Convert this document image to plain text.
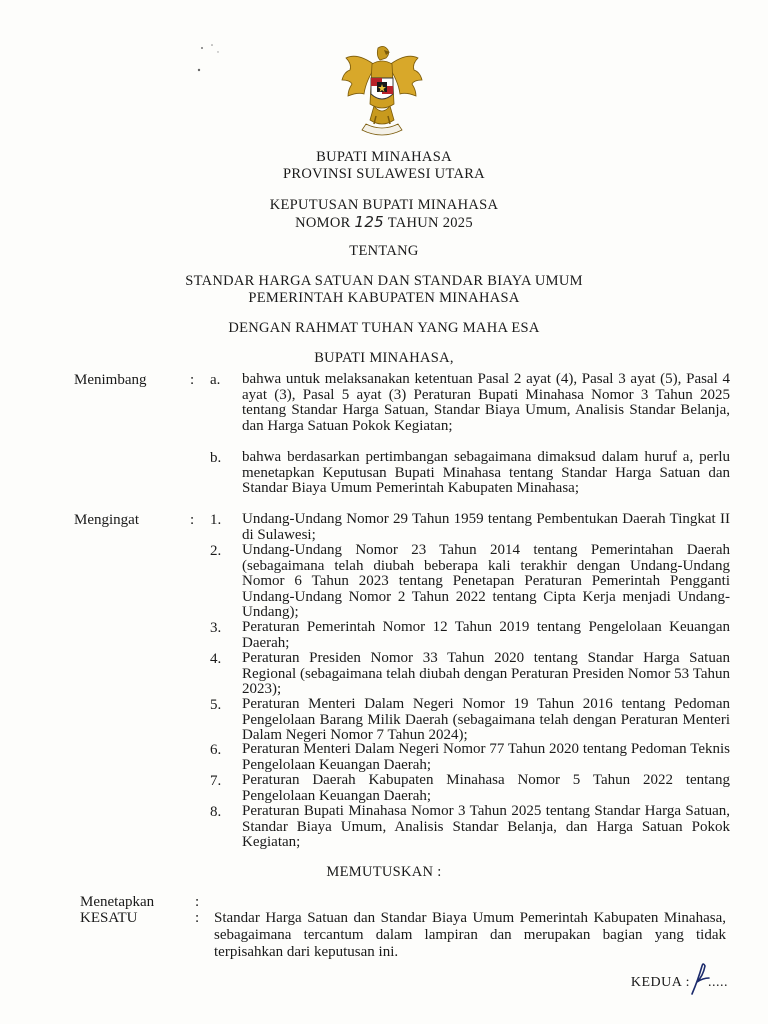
BUPATI MINAHASA
PROVINSI SULAWESI UTARA
KEPUTUSAN BUPATI MINAHASA
NOMOR 125 TAHUN 2025
TENTANG
STANDAR HARGA SATUAN DAN STANDAR BIAYA UMUM
PEMERINTAH KABUPATEN MINAHASA
DENGAN RAHMAT TUHAN YANG MAHA ESA
BUPATI MINAHASA,
Menimbang	: a. bahwa untuk melaksanakan ketentuan Pasal 2 ayat (4), Pasal 3 ayat (5), Pasal 4 ayat (3), Pasal 5 ayat (3) Peraturan Bupati Minahasa Nomor 3 Tahun 2025 tentang Standar Harga Satuan, Standar Biaya Umum, Analisis Standar Belanja, dan Harga Satuan Pokok Kegiatan;
b. bahwa berdasarkan pertimbangan sebagaimana dimaksud dalam huruf a, perlu menetapkan Keputusan Bupati Minahasa tentang Standar Harga Satuan dan Standar Biaya Umum Pemerintah Kabupaten Minahasa;
Mengingat	: 1. Undang-Undang Nomor 29 Tahun 1959 tentang Pembentukan Daerah Tingkat II di Sulawesi;
2. Undang-Undang Nomor 23 Tahun 2014 tentang Pemerintahan Daerah (sebagaimana telah diubah beberapa kali terakhir dengan Undang-Undang Nomor 6 Tahun 2023 tentang Penetapan Peraturan Pemerintah Pengganti Undang-Undang Nomor 2 Tahun 2022 tentang Cipta Kerja menjadi Undang-Undang);
3. Peraturan Pemerintah Nomor 12 Tahun 2019 tentang Pengelolaan Keuangan Daerah;
4. Peraturan Presiden Nomor 33 Tahun 2020 tentang Standar Harga Satuan Regional (sebagaimana telah diubah dengan Peraturan Presiden Nomor 53 Tahun 2023);
5. Peraturan Menteri Dalam Negeri Nomor 19 Tahun 2016 tentang Pedoman Pengelolaan Barang Milik Daerah (sebagaimana telah dengan Peraturan Menteri Dalam Negeri Nomor 7 Tahun 2024);
6. Peraturan Menteri Dalam Negeri Nomor 77 Tahun 2020 tentang Pedoman Teknis Pengelolaan Keuangan Daerah;
7. Peraturan Daerah Kabupaten Minahasa Nomor 5 Tahun 2022 tentang Pengelolaan Keuangan Daerah;
8. Peraturan Bupati Minahasa Nomor 3 Tahun 2025 tentang Standar Harga Satuan, Standar Biaya Umum, Analisis Standar Belanja, dan Harga Satuan Pokok Kegiatan;
MEMUTUSKAN :
Menetapkan	:
KESATU	: Standar Harga Satuan dan Standar Biaya Umum Pemerintah Kabupaten Minahasa, sebagaimana tercantum dalam lampiran dan merupakan bagian yang tidak terpisahkan dari keputusan ini.
KEDUA : .....
